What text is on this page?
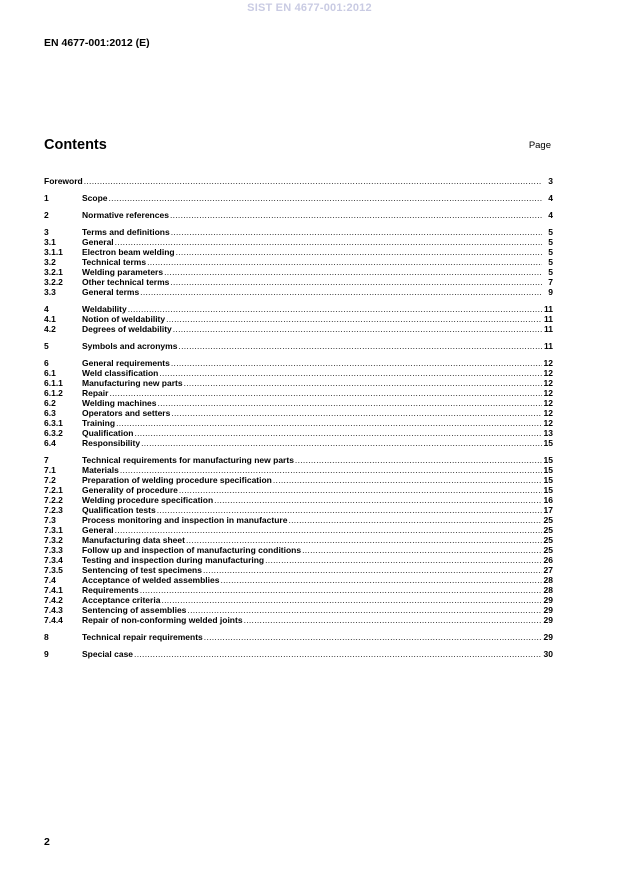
SIST EN 4677-001:2012
EN 4677-001:2012 (E)
Contents	Page
Foreword .....	3
1	Scope .....	4
2	Normative references .....	4
3	Terms and definitions .....	5
3.1	General .....	5
3.1.1	Electron beam welding .....	5
3.2	Technical terms .....	5
3.2.1	Welding parameters .....	5
3.2.2	Other technical terms .....	7
3.3	General terms .....	9
4	Weldability .....	11
4.1	Notion of weldability .....	11
4.2	Degrees of weldability .....	11
5	Symbols and acronyms .....	11
6	General requirements .....	12
6.1	Weld classification .....	12
6.1.1	Manufacturing new parts .....	12
6.1.2	Repair .....	12
6.2	Welding machines .....	12
6.3	Operators and setters .....	12
6.3.1	Training .....	12
6.3.2	Qualification .....	13
6.4	Responsibility .....	15
7	Technical requirements for manufacturing new parts .....	15
7.1	Materials .....	15
7.2	Preparation of welding procedure specification .....	15
7.2.1	Generality of procedure .....	15
7.2.2	Welding procedure specification .....	16
7.2.3	Qualification tests .....	17
7.3	Process monitoring and inspection in manufacture .....	25
7.3.1	General .....	25
7.3.2	Manufacturing data sheet .....	25
7.3.3	Follow up and inspection of manufacturing conditions .....	25
7.3.4	Testing and inspection during manufacturing .....	26
7.3.5	Sentencing of test specimens .....	27
7.4	Acceptance of welded assemblies .....	28
7.4.1	Requirements .....	28
7.4.2	Acceptance criteria .....	29
7.4.3	Sentencing of assemblies .....	29
7.4.4	Repair of non-conforming welded joints .....	29
8	Technical repair requirements .....	29
9	Special case .....	30
2
